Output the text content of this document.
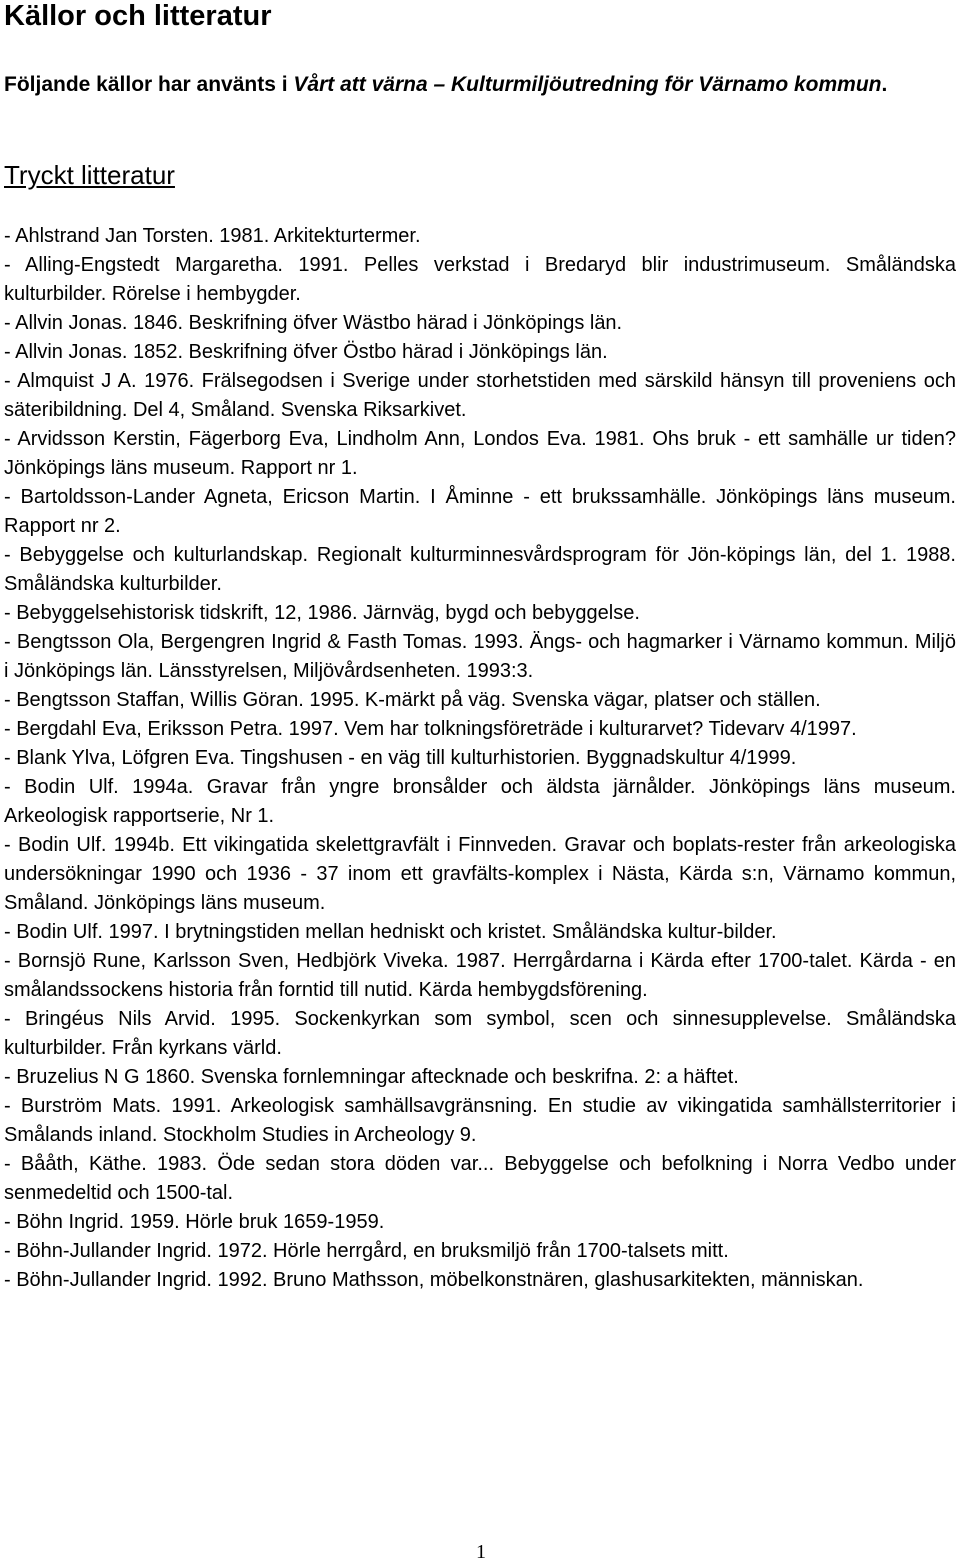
Källor och litteratur

Följande källor har använts i Vårt att värna – Kulturmiljöutredning för Värnamo kommun.

Tryckt litteratur
- Ahlstrand Jan Torsten. 1981. Arkitekturtermer.
- Alling-Engstedt Margaretha. 1991. Pelles verkstad i Bredaryd blir industrimuseum. Småländska kulturbilder. Rörelse i hembygder.
- Allvin Jonas. 1846. Beskrifning öfver Wästbo härad i Jönköpings län.
- Allvin Jonas. 1852. Beskrifning öfver Östbo härad i Jönköpings län.
- Almquist J A. 1976. Frälsegodsen i Sverige under storhetstiden med särskild hänsyn till proveniens och säteribildning. Del 4, Småland. Svenska Riksarkivet.
- Arvidsson Kerstin, Fägerborg Eva, Lindholm Ann, Londos Eva. 1981. Ohs bruk - ett samhälle ur tiden? Jönköpings läns museum. Rapport nr 1.
- Bartoldsson-Lander Agneta, Ericson Martin. I Åminne - ett brukssamhälle. Jönköpings läns museum. Rapport nr 2.
- Bebyggelse och kulturlandskap. Regionalt kulturminnesvårdsprogram för Jön-köpings län, del 1. 1988. Småländska kulturbilder.
- Bebyggelsehistorisk tidskrift, 12, 1986. Järnväg, bygd och bebyggelse.
- Bengtsson Ola, Bergengren Ingrid & Fasth Tomas. 1993. Ängs- och hagmarker i Värnamo kommun. Miljö i Jönköpings län. Länsstyrelsen, Miljövårdsenheten. 1993:3.
- Bengtsson Staffan, Willis Göran. 1995. K-märkt på väg. Svenska vägar, platser och ställen.
- Bergdahl Eva, Eriksson Petra. 1997. Vem har tolkningsföreträde i kulturarvet? Tidevarv 4/1997.
- Blank Ylva, Löfgren Eva. Tingshusen - en väg till kulturhistorien. Byggnadskultur 4/1999.
- Bodin Ulf. 1994a. Gravar från yngre bronsålder och äldsta järnålder. Jönköpings läns museum. Arkeologisk rapportserie, Nr 1.
- Bodin Ulf. 1994b. Ett vikingatida skelettgravfält i Finnveden. Gravar och boplats-rester från arkeologiska undersökningar 1990 och 1936 - 37 inom ett gravfälts-komplex i Nästa, Kärda s:n, Värnamo kommun, Småland. Jönköpings läns museum.
- Bodin Ulf. 1997. I brytningstiden mellan hedniskt och kristet. Småländska kultur-bilder.
- Bornsjö Rune, Karlsson Sven, Hedbjörk Viveka. 1987. Herrgårdarna i Kärda efter 1700-talet. Kärda - en smålandssockens historia från forntid till nutid. Kärda hembygdsförening.
- Bringéus Nils Arvid. 1995. Sockenkyrkan som symbol, scen och sinnesupplevelse. Småländska kulturbilder. Från kyrkans värld.
- Bruzelius N G 1860. Svenska fornlemningar aftecknade och beskrifna. 2: a häftet.
- Burström Mats. 1991. Arkeologisk samhällsavgränsning. En studie av vikingatida samhällsterritorier i Smålands inland. Stockholm Studies in Archeology 9.
- Bååth, Käthe. 1983. Öde sedan stora döden var... Bebyggelse och befolkning i Norra Vedbo under senmedeltid och 1500-tal.
- Böhn Ingrid. 1959. Hörle bruk 1659-1959.
- Böhn-Jullander Ingrid. 1972. Hörle herrgård, en bruksmiljö från 1700-talsets mitt.
- Böhn-Jullander Ingrid. 1992. Bruno Mathsson, möbelkonstnären, glashusarkitekten, människan.
1
